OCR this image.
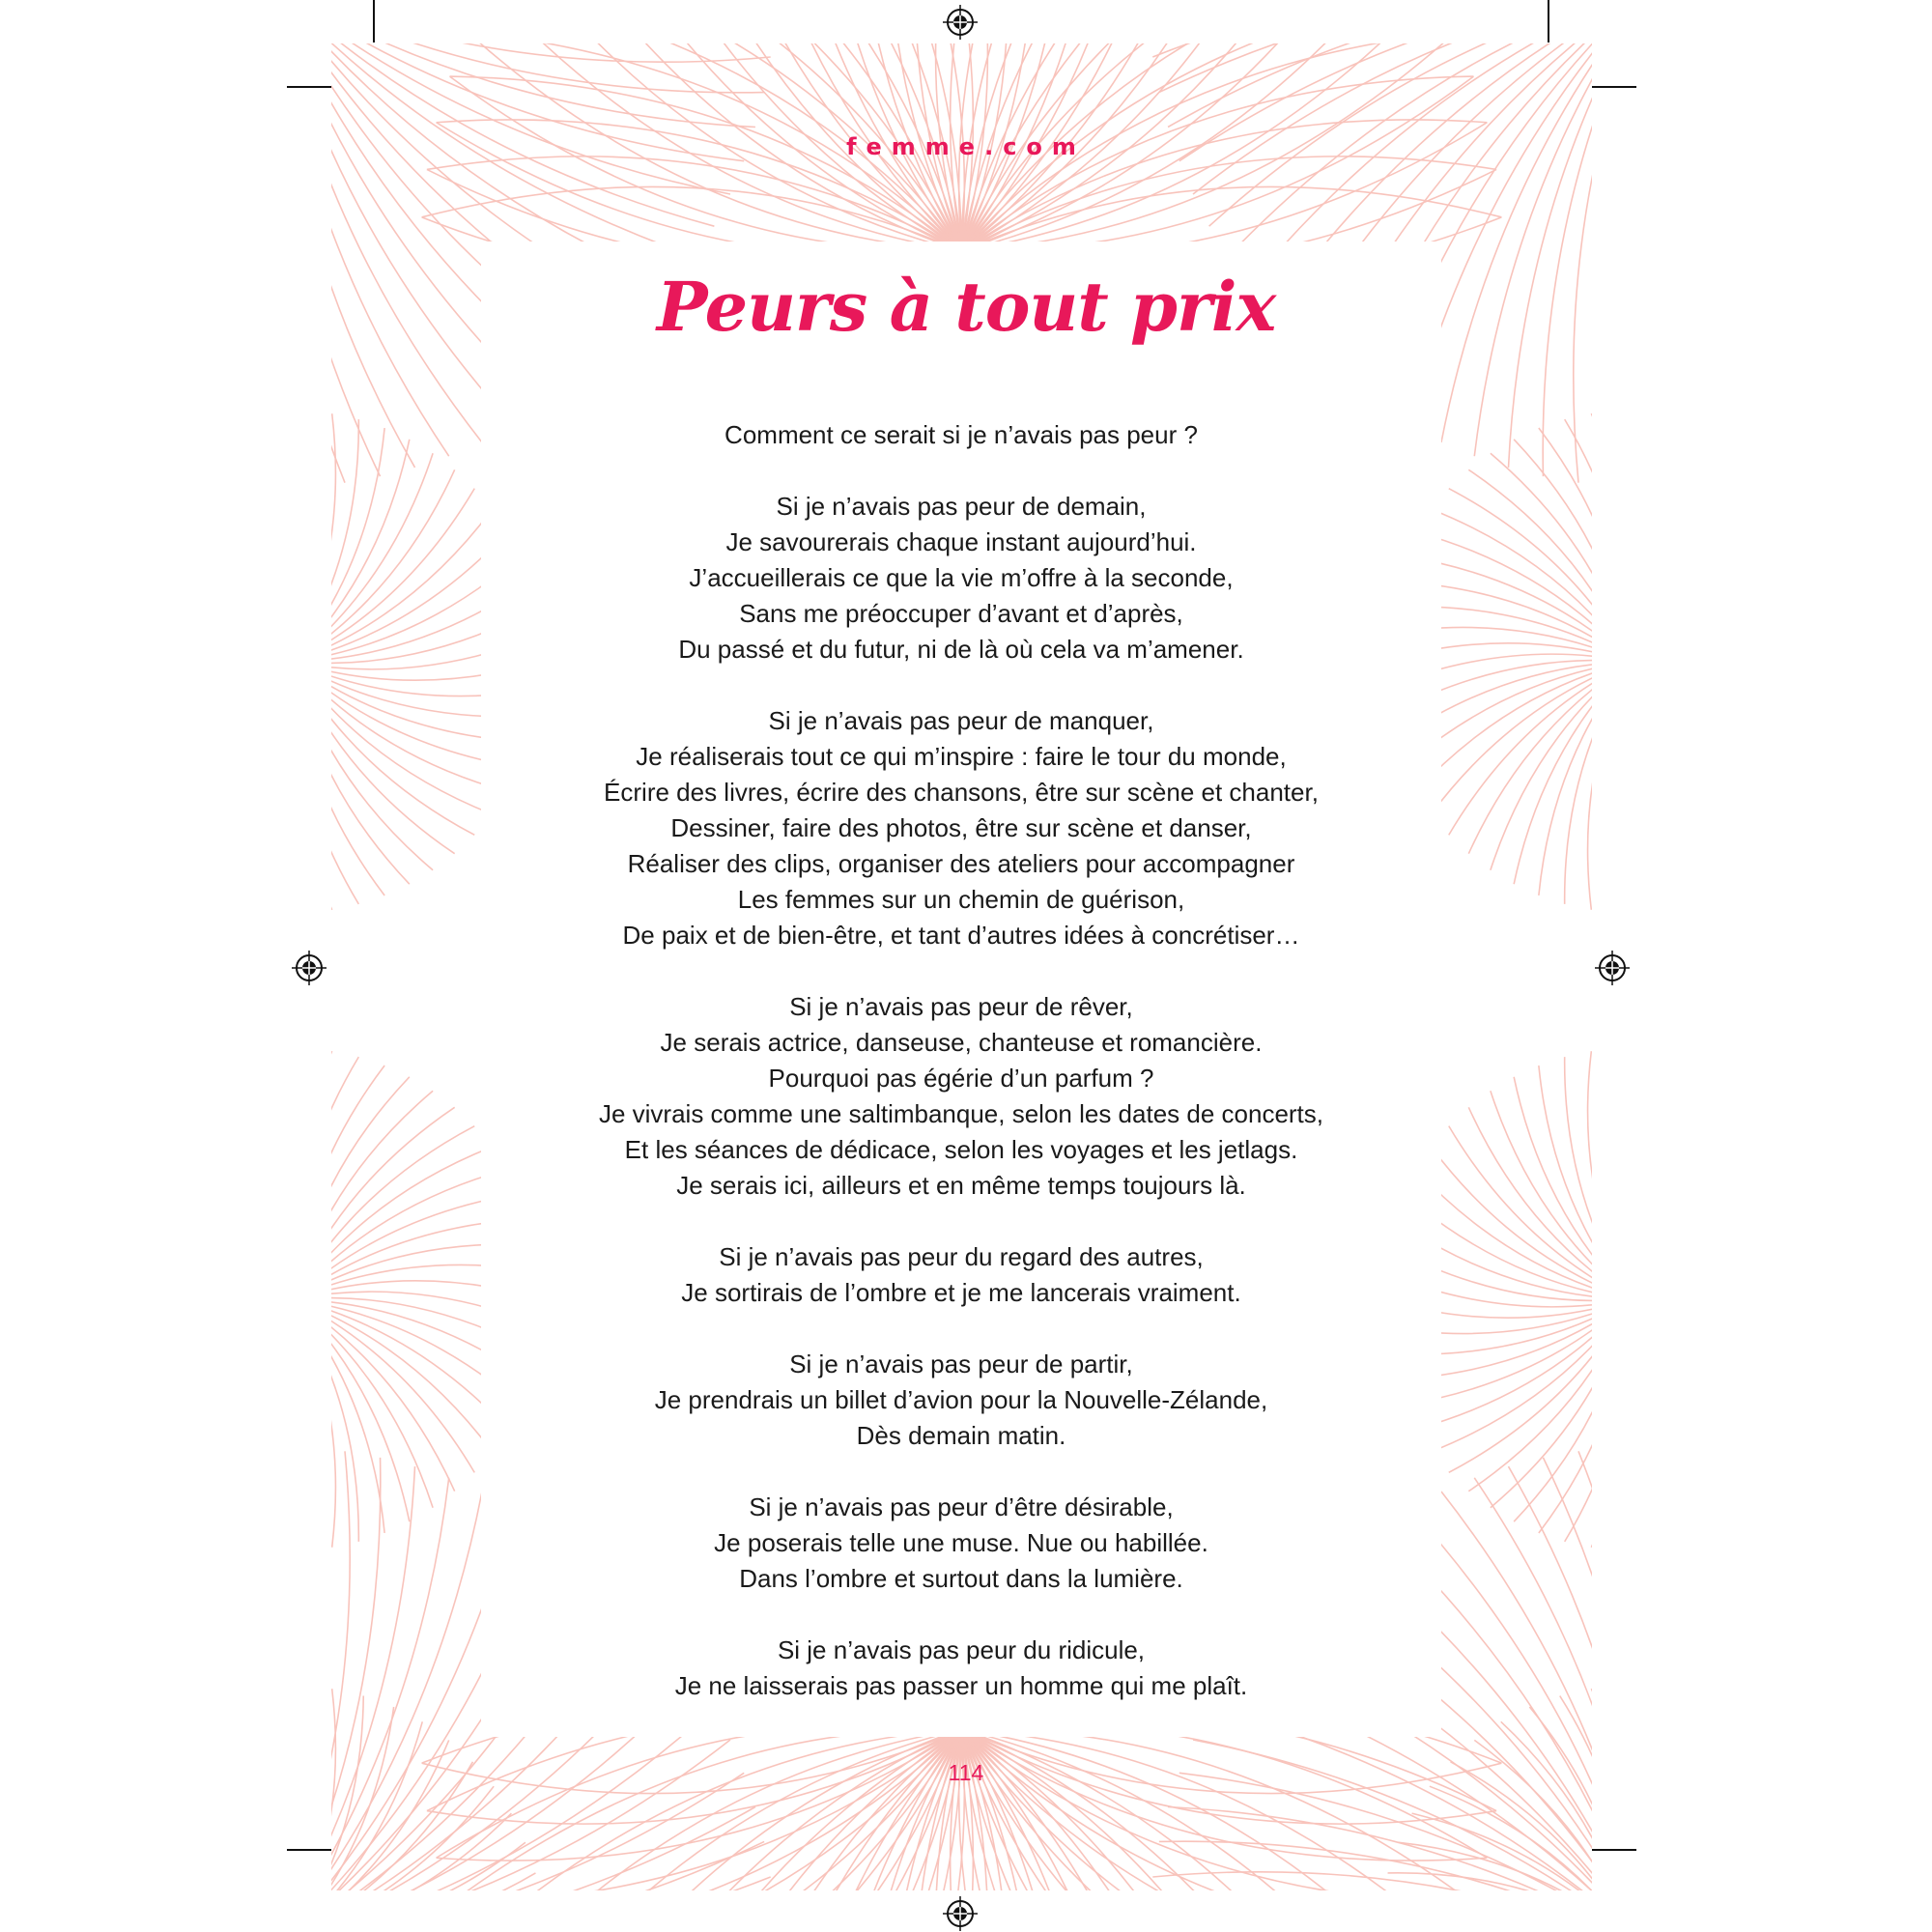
femme.com
Peurs à tout prix
Comment ce serait si je n’avais pas peur ?
Si je n’avais pas peur de demain,
Je savourerais chaque instant aujourd’hui.
J’accueillerais ce que la vie m’offre à la seconde,
Sans me préoccuper d’avant et d’après,
Du passé et du futur, ni de là où cela va m’amener.
Si je n’avais pas peur de manquer,
Je réaliserais tout ce qui m’inspire : faire le tour du monde,
Écrire des livres, écrire des chansons, être sur scène et chanter,
Dessiner, faire des photos, être sur scène et danser,
Réaliser des clips, organiser des ateliers pour accompagner
Les femmes sur un chemin de guérison,
De paix et de bien-être, et tant d’autres idées à concrétiser…
Si je n’avais pas peur de rêver,
Je serais actrice, danseuse, chanteuse et romancière.
Pourquoi pas égérie d’un parfum ?
Je vivrais comme une saltimbanque, selon les dates de concerts,
Et les séances de dédicace, selon les voyages et les jetlags.
Je serais ici, ailleurs et en même temps toujours là.
Si je n’avais pas peur du regard des autres,
Je sortirais de l’ombre et je me lancerais vraiment.
Si je n’avais pas peur de partir,
Je prendrais un billet d’avion pour la Nouvelle-Zélande,
Dès demain matin.
Si je n’avais pas peur d’être désirable,
Je poserais telle une muse. Nue ou habillée.
Dans l’ombre et surtout dans la lumière.
Si je n’avais pas peur du ridicule,
Je ne laisserais pas passer un homme qui me plaît.
114
